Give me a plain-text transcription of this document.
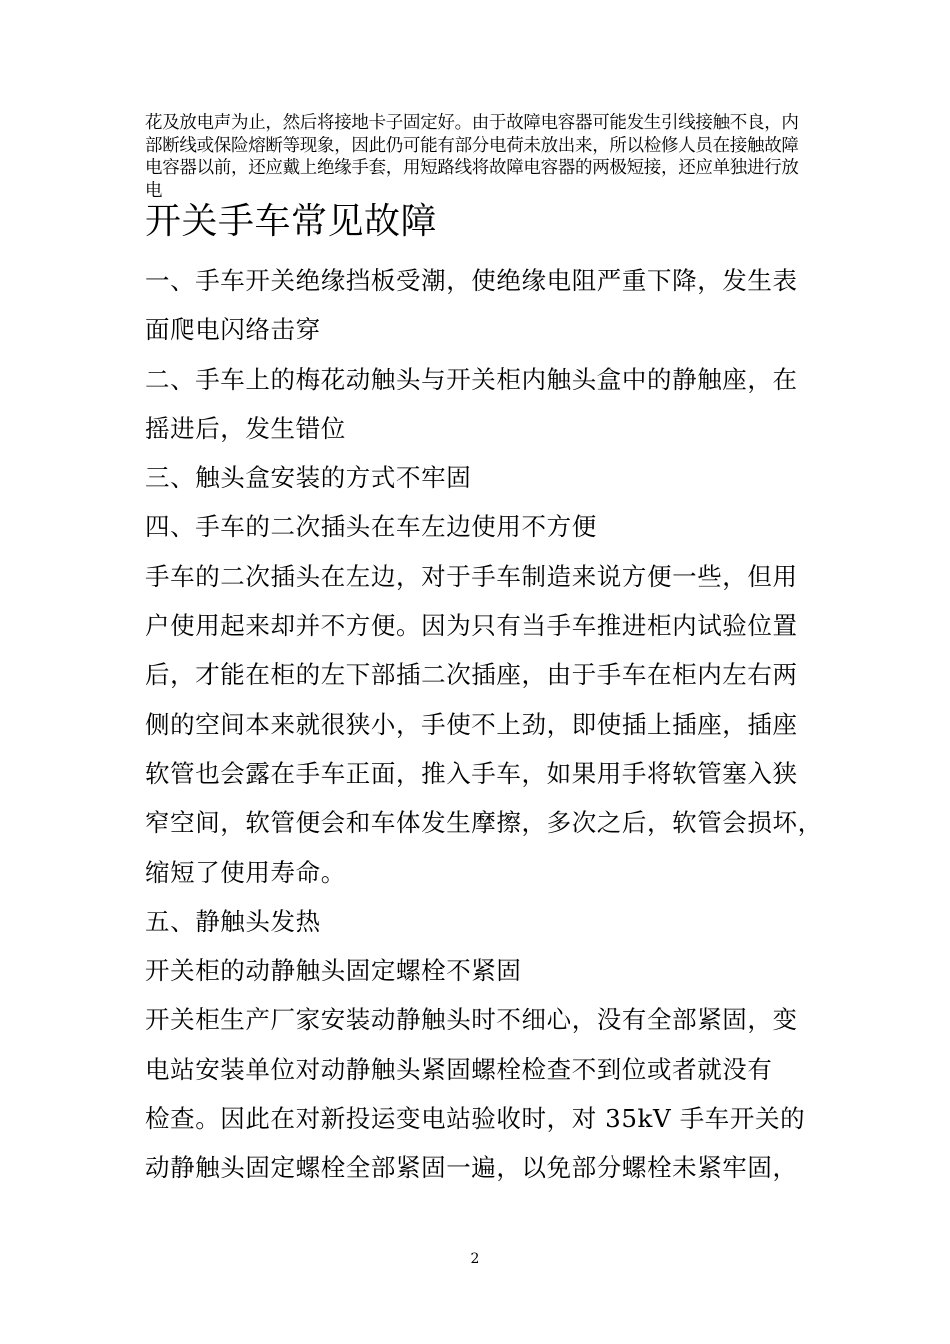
花及放电声为止，然后将接地卡子固定好。由于故障电容器可能发生引线接触不良，内部断线或保险熔断等现象，因此仍可能有部分电荷未放出来，所以检修人员在接触故障电容器以前，还应戴上绝缘手套，用短路线将故障电容器的两极短接，还应单独进行放电

开关手车常见故障
一、手车开关绝缘挡板受潮，使绝缘电阻严重下降，发生表
面爬电闪络击穿
二、手车上的梅花动触头与开关柜内触头盒中的静触座，在
摇进后，发生错位
三、触头盒安装的方式不牢固
四、手车的二次插头在车左边使用不方便
手车的二次插头在左边，对于手车制造来说方便一些，但用
户使用起来却并不方便。因为只有当手车推进柜内试验位置
后，才能在柜的左下部插二次插座，由于手车在柜内左右两
侧的空间本来就很狭小，手使不上劲，即使插上插座，插座
软管也会露在手车正面，推入手车，如果用手将软管塞入狭
窄空间，软管便会和车体发生摩擦，多次之后，软管会损坏，
缩短了使用寿命。
五、静触头发热
开关柜的动静触头固定螺栓不紧固
开关柜生产厂家安装动静触头时不细心，没有全部紧固，变
电站安装单位对动静触头紧固螺栓检查不到位或者就没有
检查。因此在对新投运变电站验收时，对 35kV 手车开关的
动静触头固定螺栓全部紧固一遍，以免部分螺栓未紧牢固，
2
